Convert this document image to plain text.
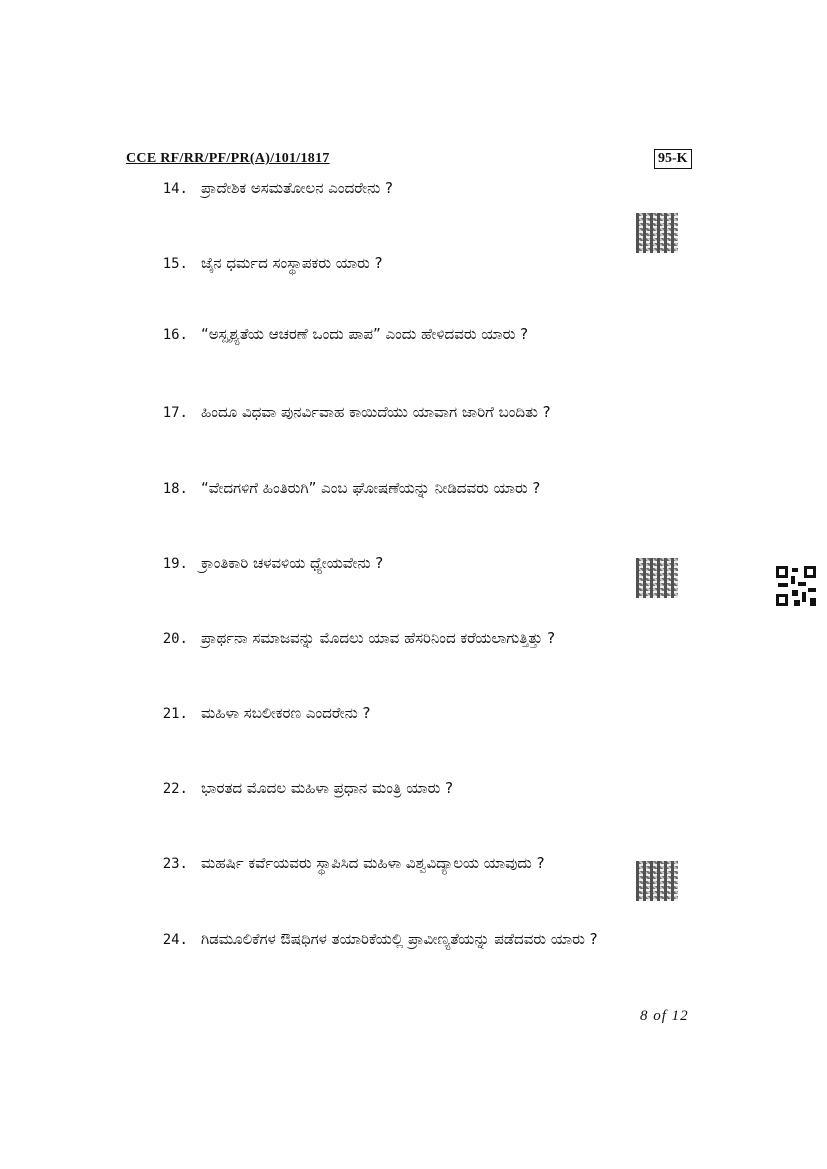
CCE RF/RR/PF/PR(A)/101/1817	95-K
14. ಪ್ರಾದೇಶಿಕ ಅಸಮತೋಲನ ಎಂದರೇನು ?
15. ಜೈನ ಧರ್ಮದ ಸಂಸ್ಥಾಪಕರು ಯಾರು ?
16. “ಅಸ್ಪೃಶ್ಯತೆಯ ಆಚರಣೆ ಒಂದು ಪಾಪ” ಎಂದು ಹೇಳಿದವರು ಯಾರು ?
17. ಹಿಂದೂ ವಿಧವಾ ಪುನರ್ವಿವಾಹ ಕಾಯಿದೆಯು ಯಾವಾಗ ಜಾರಿಗೆ ಬಂದಿತು ?
18. “ವೇದಗಳಿಗೆ ಹಿಂತಿರುಗಿ” ಎಂಬ ಘೋಷಣೆಯನ್ನು ನೀಡಿದವರು ಯಾರು ?
19. ಕ್ರಾಂತಿಕಾರಿ ಚಳವಳಿಯ ಧ್ಯೇಯವೇನು ?
20. ಪ್ರಾರ್ಥನಾ ಸಮಾಜವನ್ನು ಮೊದಲು ಯಾವ ಹೆಸರಿನಿಂದ ಕರೆಯಲಾಗುತ್ತಿತ್ತು ?
21. ಮಹಿಳಾ ಸಬಲೀಕರಣ ಎಂದರೇನು ?
22. ಭಾರತದ ಮೊದಲ ಮಹಿಳಾ ಪ್ರಧಾನ ಮಂತ್ರಿ ಯಾರು ?
23. ಮಹರ್ಷಿ ಕರ್ವೆಯವರು ಸ್ಥಾಪಿಸಿದ ಮಹಿಳಾ ವಿಶ್ವವಿದ್ಯಾಲಯ ಯಾವುದು ?
24. ಗಿಡಮೂಲಿಕೆಗಳ ಔಷಧಿಗಳ ತಯಾರಿಕೆಯಲ್ಲಿ ಪ್ರಾವೀಣ್ಯತೆಯನ್ನು ಪಡೆದವರು ಯಾರು ?
8 of 12
